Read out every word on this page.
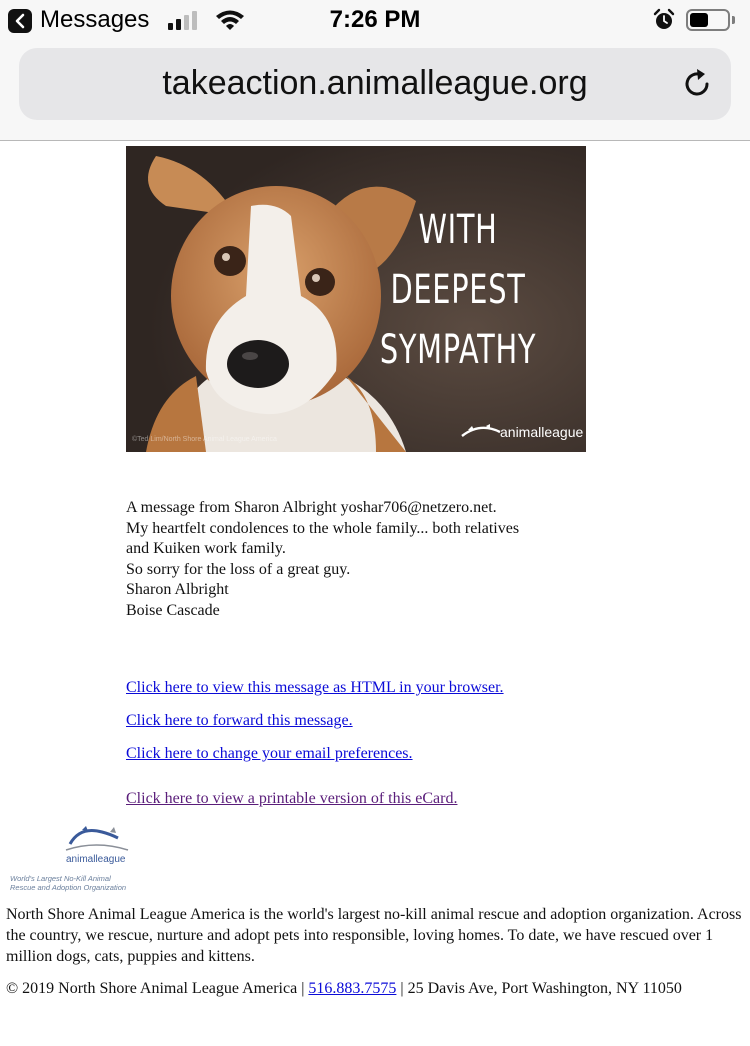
Messages	7:26 PM
takeaction.animalleague.org
WITH DEEPEST
SYMPATHY
animalleague
©Ted Lim/North Shore Animal League America
A message from Sharon Albright yoshar706@netzero.net.
My heartfelt condolences to the whole family... both relatives
and Kuiken work family.
So sorry for the loss of a great guy.
Sharon Albright
Boise Cascade
Click here to view this message as HTML in your browser.
Click here to forward this message.
Click here to change your email preferences.
Click here to view a printable version of this eCard.
animalleague
World's Largest No-Kill Animal Rescue and Adoption Organization
North Shore Animal League America is the world's largest no-kill animal rescue and adoption organization. Across the country, we rescue, nurture and adopt pets into responsible, loving homes. To date, we have rescued over 1 million dogs, cats, puppies and kittens.
© 2019 North Shore Animal League America | 516.883.7575 | 25 Davis Ave, Port Washington, NY 11050
